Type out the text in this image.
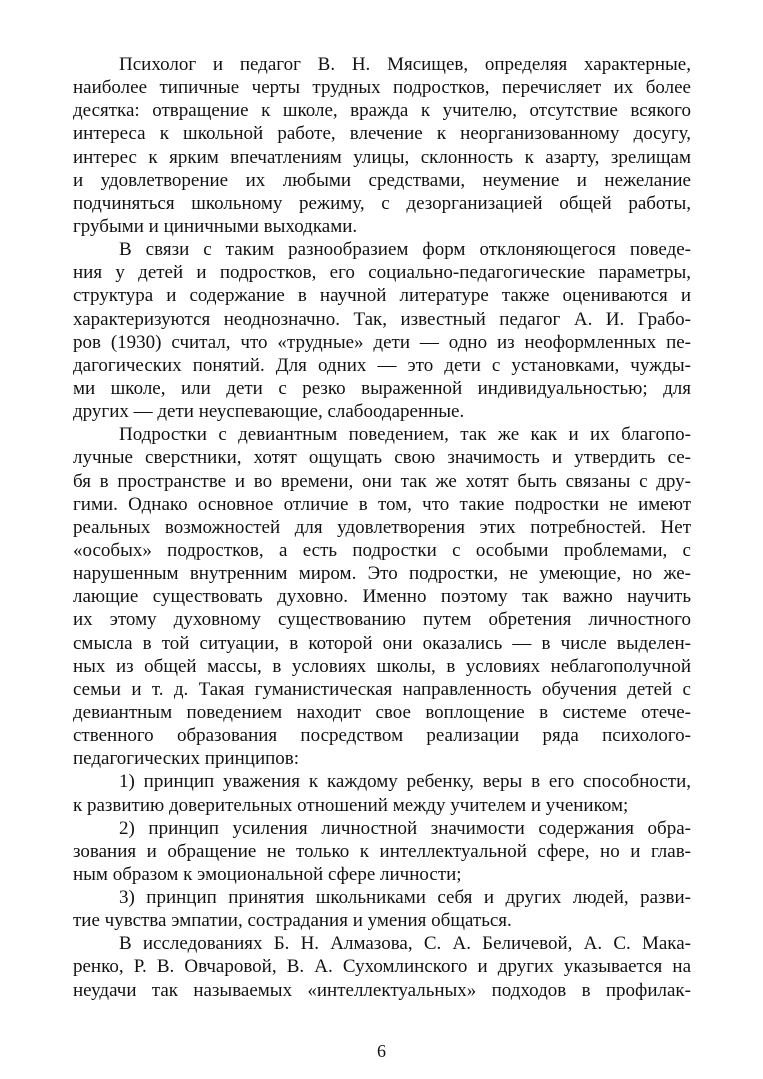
Психолог и педагог В. Н. Мясищев, определяя характерные,
наиболее типичные черты трудных подростков, перечисляет их более
десятка: отвращение к школе, вражда к учителю, отсутствие всякого
интереса к школьной работе, влечение к неорганизованному досугу,
интерес к ярким впечатлениям улицы, склонность к азарту, зрелищам
и удовлетворение их любыми средствами, неумение и нежелание
подчиняться школьному режиму, с дезорганизацией общей работы,
грубыми и циничными выходками.
В связи с таким разнообразием форм отклоняющегося поведе-
ния у детей и подростков, его социально-педагогические параметры,
структура и содержание в научной литературе также оцениваются и
характеризуются неоднозначно. Так, известный педагог А. И. Грабо-
ров (1930) считал, что «трудные» дети — одно из неоформленных пе-
дагогических понятий. Для одних — это дети с установками, чужды-
ми школе, или дети с резко выраженной индивидуальностью; для
других — дети неуспевающие, слабоодаренные.
Подростки с девиантным поведением, так же как и их благопо-
лучные сверстники, хотят ощущать свою значимость и утвердить се-
бя в пространстве и во времени, они так же хотят быть связаны с дру-
гими. Однако основное отличие в том, что такие подростки не имеют
реальных возможностей для удовлетворения этих потребностей. Нет
«особых» подростков, а есть подростки с особыми проблемами, с
нарушенным внутренним миром. Это подростки, не умеющие, но же-
лающие существовать духовно. Именно поэтому так важно научить
их этому духовному существованию путем обретения личностного
смысла в той ситуации, в которой они оказались — в числе выделен-
ных из общей массы, в условиях школы, в условиях неблагополучной
семьи и т. д. Такая гуманистическая направленность обучения детей с
девиантным поведением находит свое воплощение в системе отече-
ственного образования посредством реализации ряда психолого-
педагогических принципов:
1) принцип уважения к каждому ребенку, веры в его способности,
к развитию доверительных отношений между учителем и учеником;
2) принцип усиления личностной значимости содержания обра-
зования и обращение не только к интеллектуальной сфере, но и глав-
ным образом к эмоциональной сфере личности;
3) принцип принятия школьниками себя и других людей, разви-
тие чувства эмпатии, сострадания и умения общаться.
В исследованиях Б. Н. Алмазова, С. А. Беличевой, А. С. Мака-
ренко, Р. В. Овчаровой, В. А. Сухомлинского и других указывается на
неудачи так называемых «интеллектуальных» подходов в профилак-
6
